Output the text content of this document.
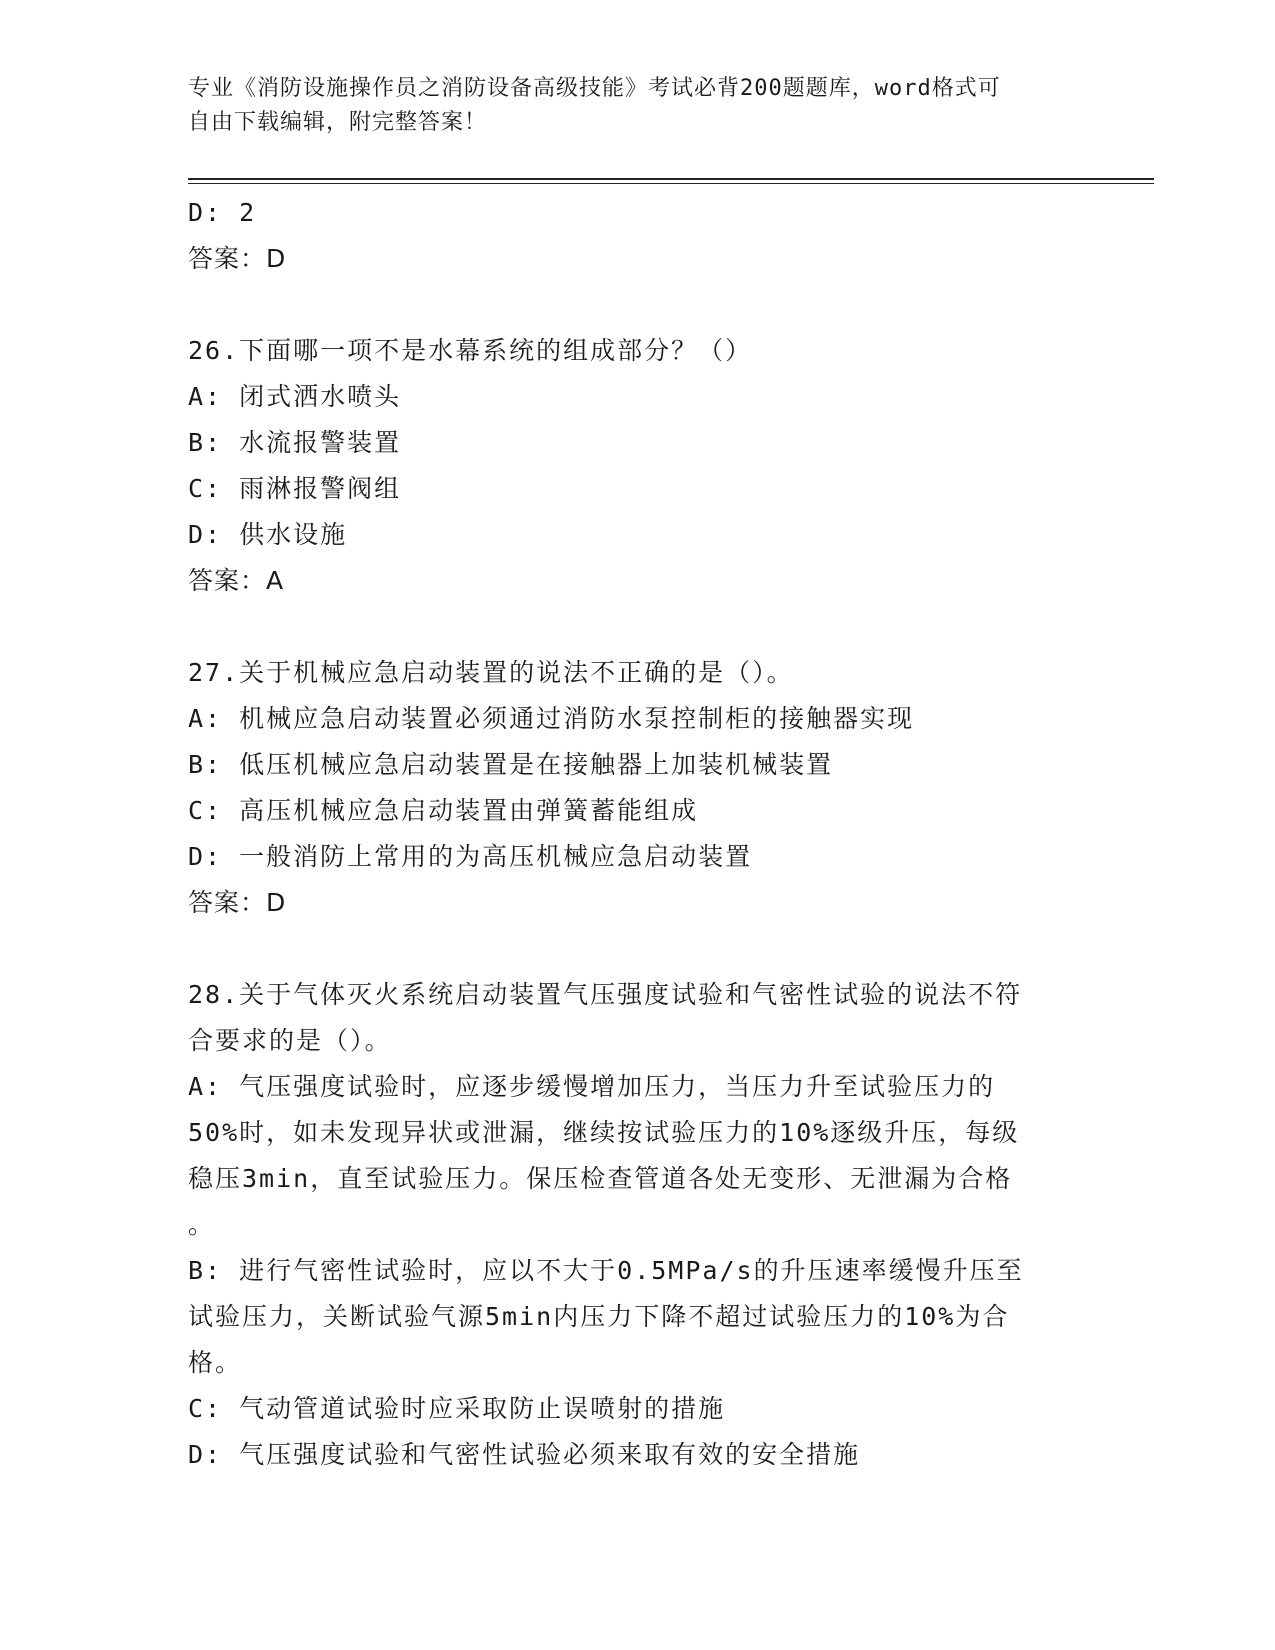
专业《消防设施操作员之消防设备高级技能》考试必背200题题库，word格式可
自由下载编辑，附完整答案！

D: 2

答案：D

26.下面哪一项不是水幕系统的组成部分？（）

A: 闭式洒水喷头

B: 水流报警装置

C: 雨淋报警阀组

D: 供水设施

答案：A

27.关于机械应急启动装置的说法不正确的是（）。

A: 机械应急启动装置必须通过消防水泵控制柜的接触器实现

B: 低压机械应急启动装置是在接触器上加装机械装置

C: 高压机械应急启动装置由弹簧蓄能组成

D: 一般消防上常用的为高压机械应急启动装置

答案：D

28.关于气体灭火系统启动装置气压强度试验和气密性试验的说法不符

合要求的是（）。

A: 气压强度试验时，应逐步缓慢增加压力，当压力升至试验压力的

50%时，如未发现异状或泄漏，继续按试验压力的10%逐级升压，每级

稳压3min，直至试验压力。保压检查管道各处无变形、无泄漏为合格

。

B: 进行气密性试验时，应以不大于0.5MPa/s的升压速率缓慢升压至

试验压力，关断试验气源5min内压力下降不超过试验压力的10%为合

格。

C: 气动管道试验时应采取防止误喷射的措施

D: 气压强度试验和气密性试验必须来取有效的安全措施
